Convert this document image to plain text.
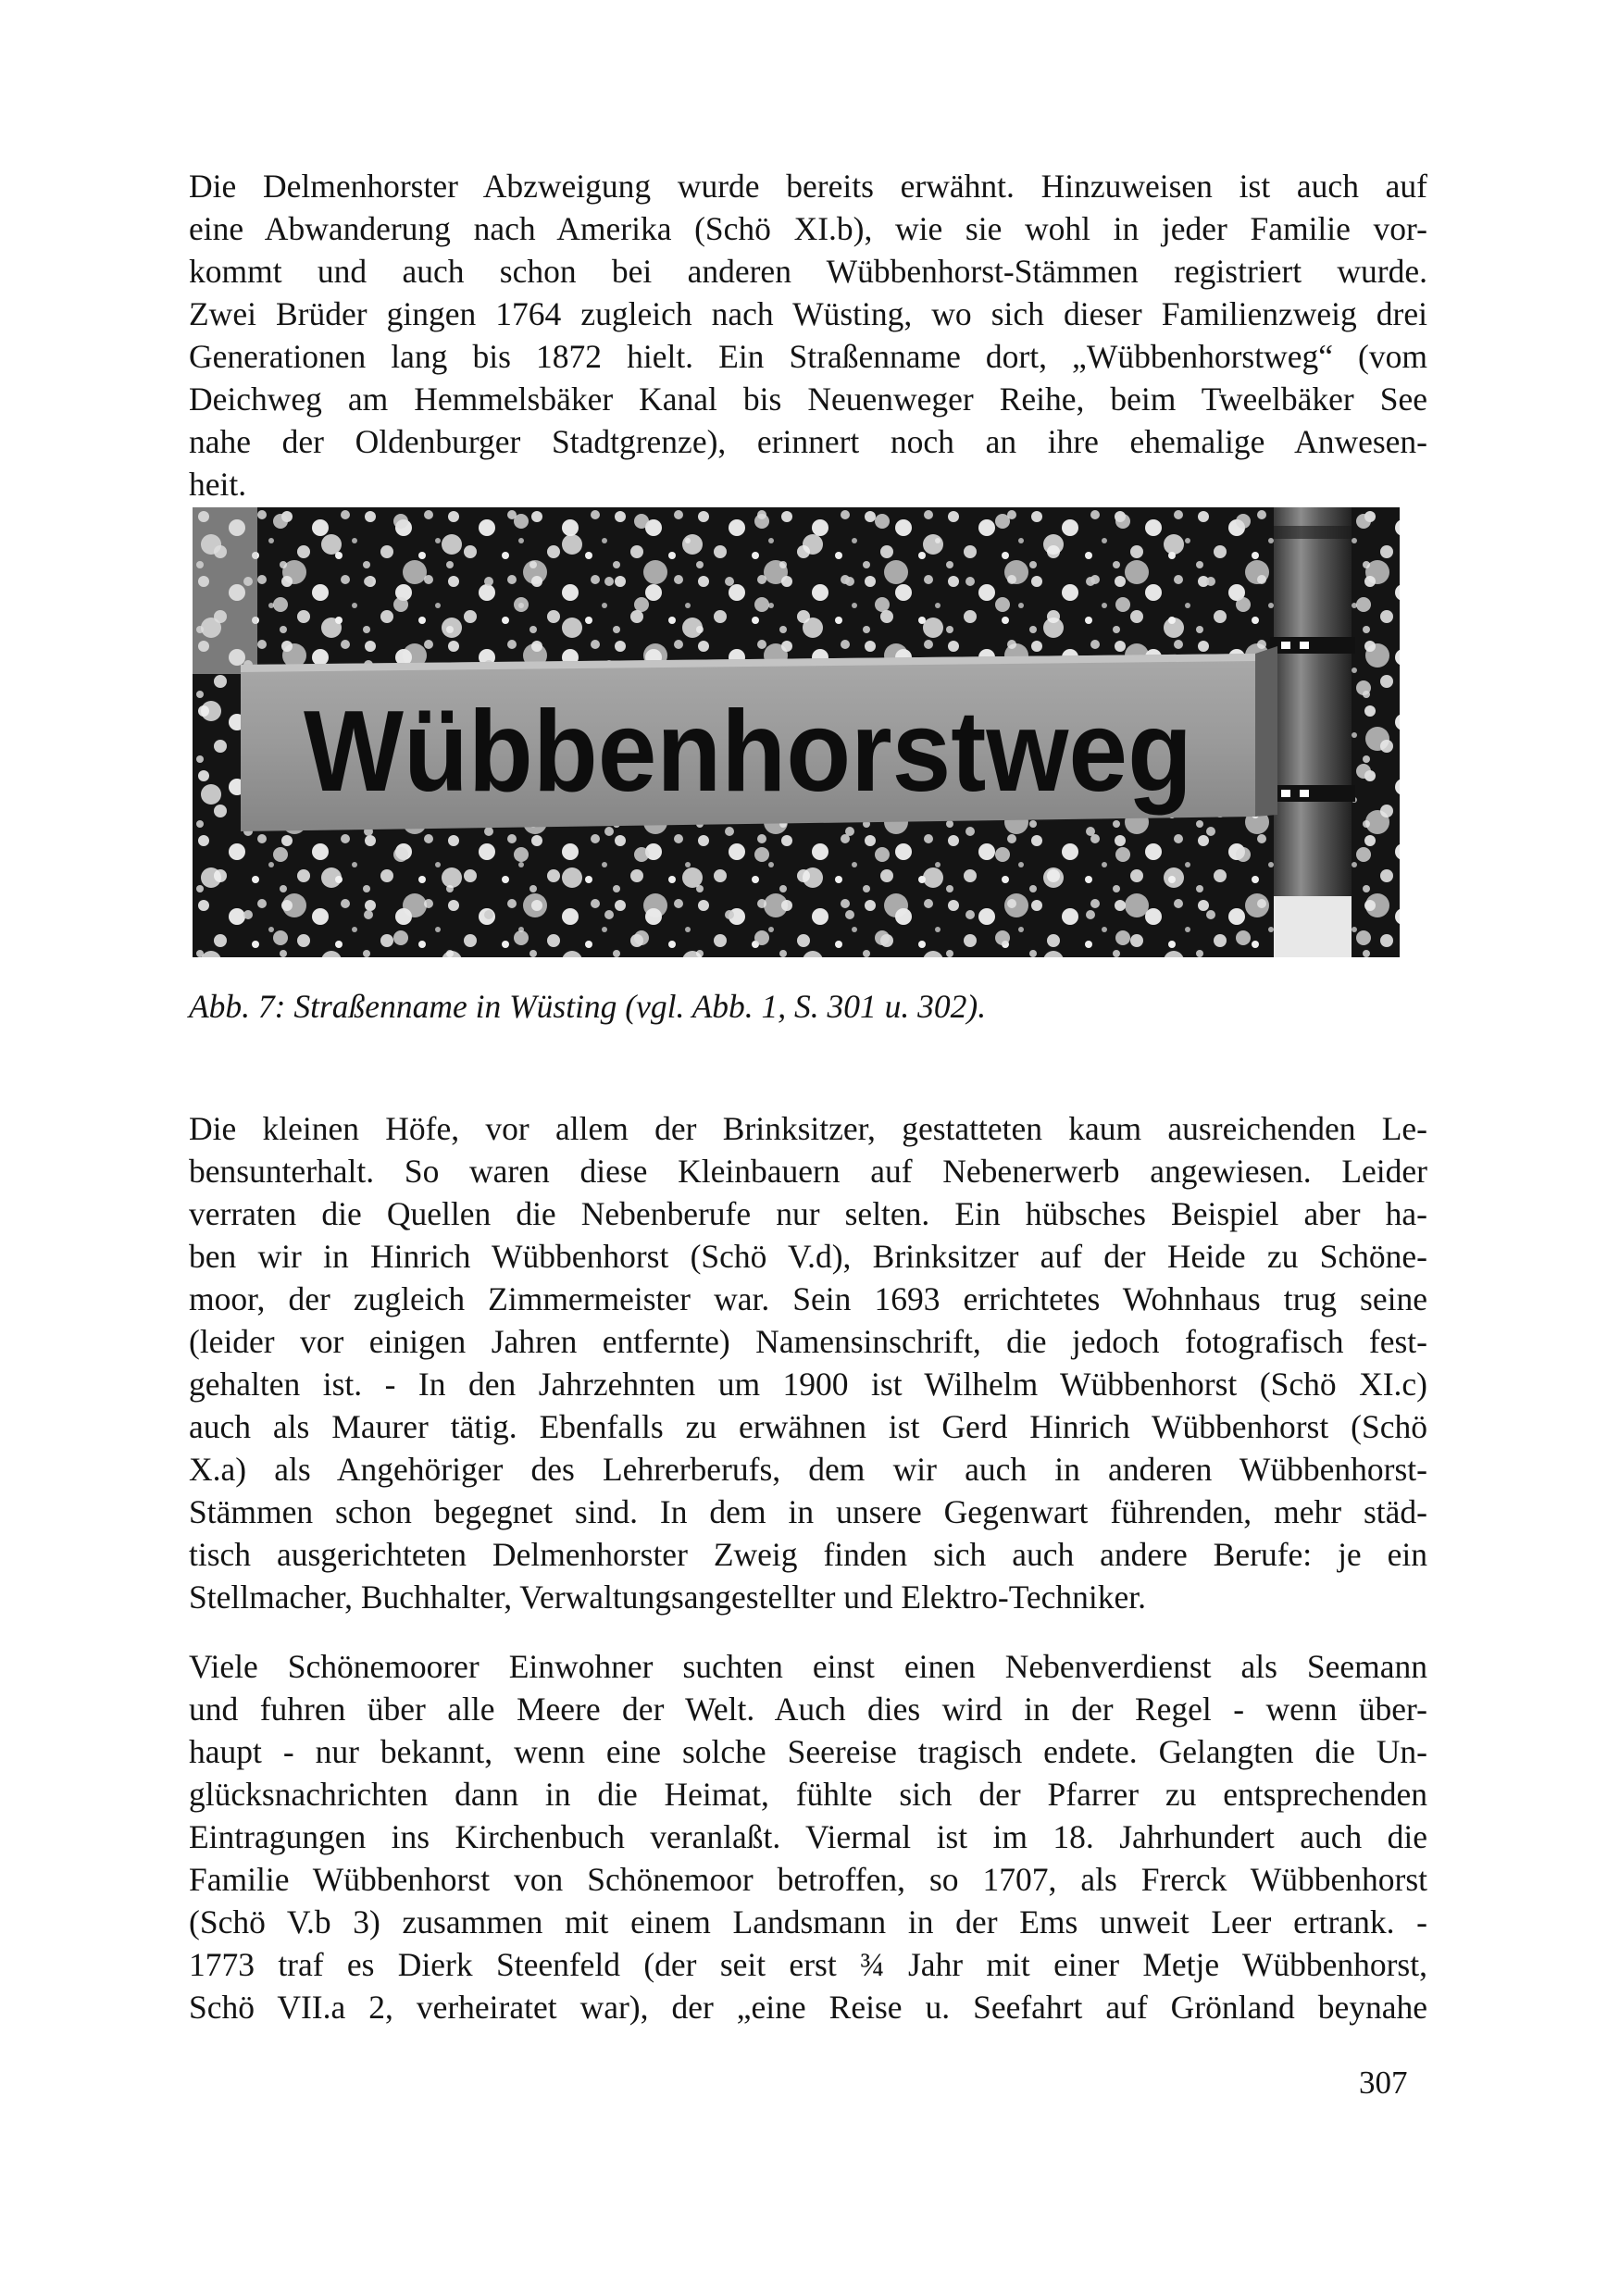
Die Delmenhorster Abzweigung wurde bereits erwähnt. Hinzuweisen ist auch auf
eine Abwanderung nach Amerika (Schö XI.b), wie sie wohl in jeder Familie vor-
kommt und auch schon bei anderen Wübbenhorst-Stämmen registriert wurde.
Zwei Brüder gingen 1764 zugleich nach Wüsting, wo sich dieser Familienzweig drei
Generationen lang bis 1872 hielt. Ein Straßenname dort, „Wübbenhorstweg“ (vom
Deichweg am Hemmelsbäker Kanal bis Neuenweger Reihe, beim Tweelbäker See
nahe der Oldenburger Stadtgrenze), erinnert noch an ihre ehemalige Anwesen-
heit.
Wübbenhorstweg
Abb. 7: Straßenname in Wüsting (vgl. Abb. 1, S. 301 u. 302).
Die kleinen Höfe, vor allem der Brinksitzer, gestatteten kaum ausreichenden Le-
bensunterhalt. So waren diese Kleinbauern auf Nebenerwerb angewiesen. Leider
verraten die Quellen die Nebenberufe nur selten. Ein hübsches Beispiel aber ha-
ben wir in Hinrich Wübbenhorst (Schö V.d), Brinksitzer auf der Heide zu Schöne-
moor, der zugleich Zimmermeister war. Sein 1693 errichtetes Wohnhaus trug seine
(leider vor einigen Jahren entfernte) Namensinschrift, die jedoch fotografisch fest-
gehalten ist. - In den Jahrzehnten um 1900 ist Wilhelm Wübbenhorst (Schö XI.c)
auch als Maurer tätig. Ebenfalls zu erwähnen ist Gerd Hinrich Wübbenhorst (Schö
X.a) als Angehöriger des Lehrerberufs, dem wir auch in anderen Wübbenhorst-
Stämmen schon begegnet sind. In dem in unsere Gegenwart führenden, mehr städ-
tisch ausgerichteten Delmenhorster Zweig finden sich auch andere Berufe: je ein
Stellmacher, Buchhalter, Verwaltungsangestellter und Elektro-Techniker.
Viele Schönemoorer Einwohner suchten einst einen Nebenverdienst als Seemann
und fuhren über alle Meere der Welt. Auch dies wird in der Regel - wenn über-
haupt - nur bekannt, wenn eine solche Seereise tragisch endete. Gelangten die Un-
glücksnachrichten dann in die Heimat, fühlte sich der Pfarrer zu entsprechenden
Eintragungen ins Kirchenbuch veranlaßt. Viermal ist im 18. Jahrhundert auch die
Familie Wübbenhorst von Schönemoor betroffen, so 1707, als Frerck Wübbenhorst
(Schö V.b 3) zusammen mit einem Landsmann in der Ems unweit Leer ertrank. -
1773 traf es Dierk Steenfeld (der seit erst ¾ Jahr mit einer Metje Wübbenhorst,
Schö VII.a 2, verheiratet war), der „eine Reise u. Seefahrt auf Grönland beynahe
307
